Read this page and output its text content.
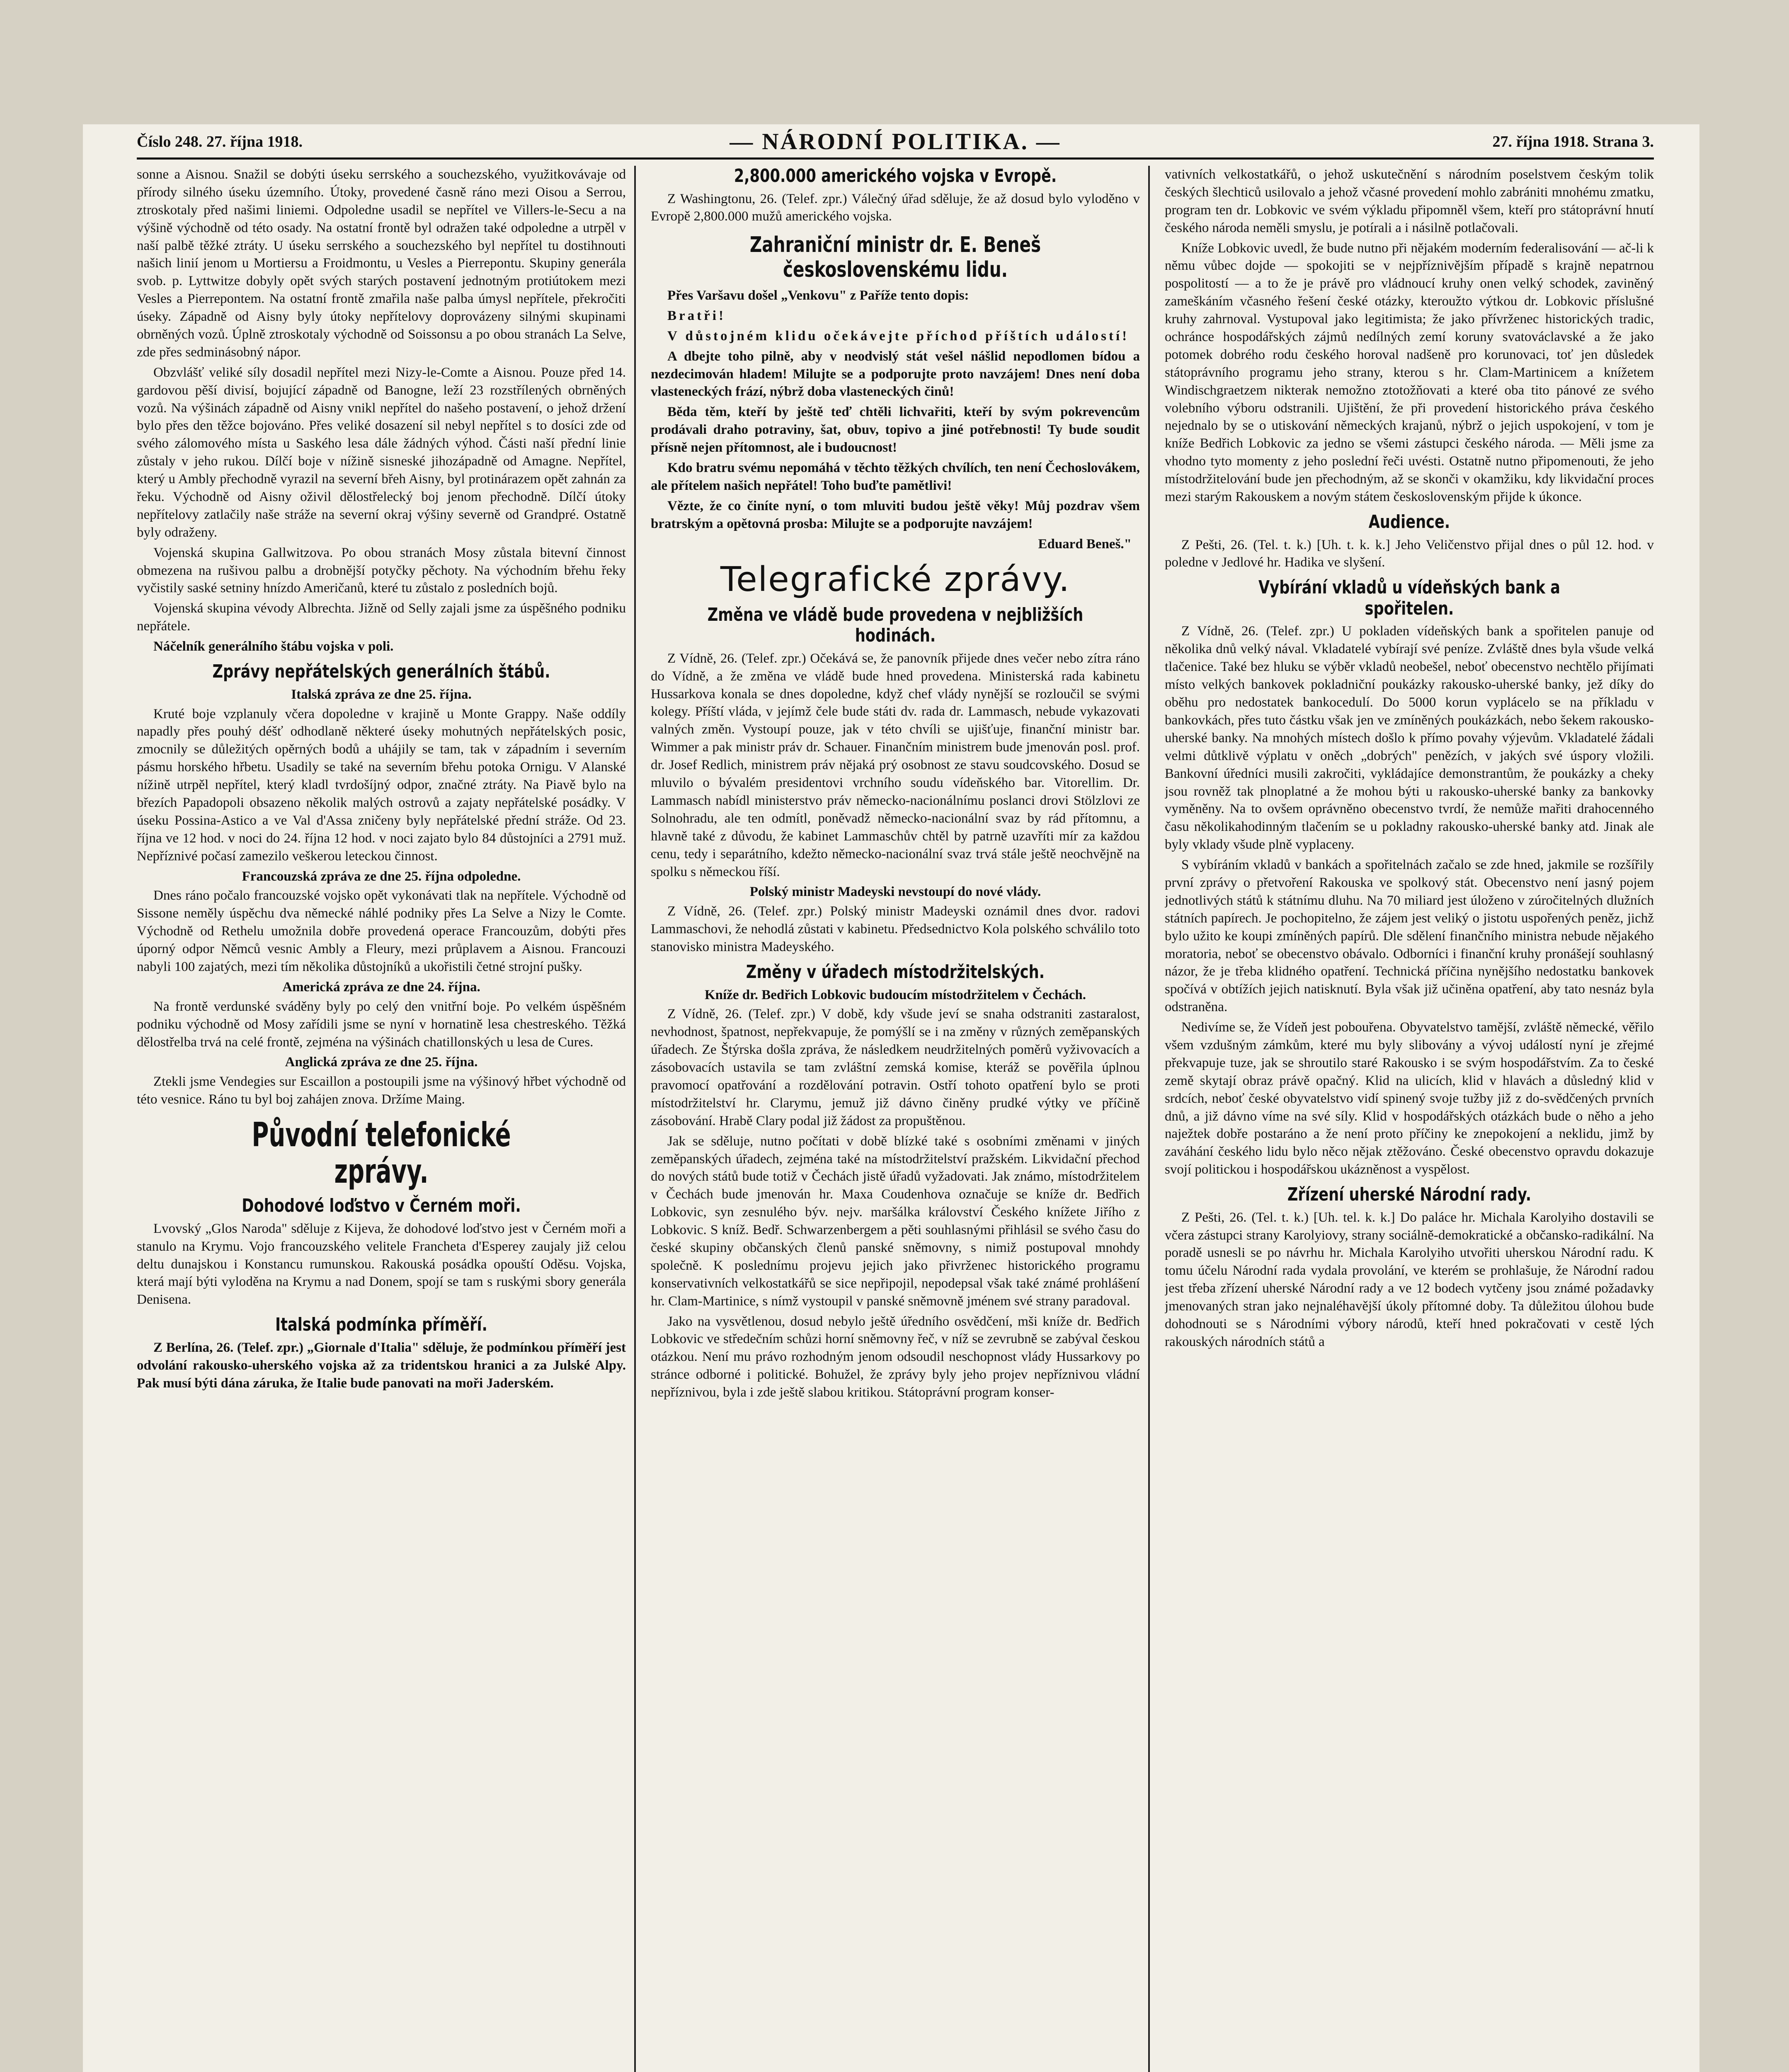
Číslo 248. 27. října 1918.	— NÁRODNÍ POLITIKA. —	27. října 1918. Strana 3.

sonne a Aisnou. Snažil se dobýti úseku serrského a souchezského, využitkovávaje od přírody silného úseku územního. Útoky, provedené časně ráno mezi Oisou a Serrou, ztroskotaly před našimi liniemi. Odpoledne usadil se nepřítel ve Villers-le-Secu a na výšině východně od této osady. Na ostatní frontě byl odražen také odpoledne a utrpěl v naší palbě těžké ztráty. U úseku serrského a souchezského byl nepřítel tu dostihnouti našich linií jenom u Mortiersu a Froidmontu, u Vesles a Pierrepontu. Skupiny generála svob. p. Lyttwitze dobyly opět svých starých postavení jednotným protiútokem mezi Vesles a Pierrepontem. Na ostatní frontě zmařila naše palba úmysl nepřítele, překročiti úseky. Západně od Aisny byly útoky nepřítelovy doprovázeny silnými skupinami obrněných vozů. Úplně ztroskotaly východně od Soissonsu a po obou stranách La Selve, zde přes sedminásobný nápor.

Obzvlášť veliké síly dosadil nepřítel mezi Nizy-le-Comte a Aisnou. Pouze před 14. gardovou pěší divisí, bojující západně od Banogne, leží 23 rozstřílených obrněných vozů. Na výšinách západně od Aisny vnikl nepřítel do našeho postavení, o jehož držení bylo přes den těžce bojováno. Přes veliké dosazení sil nebyl nepřítel s to dosíci zde od svého zálomového místa u Saského lesa dále žádných výhod. Části naší přední linie zůstaly v jeho rukou. Dílčí boje v nížině sisneské jihozápadně od Amagne. Nepřítel, který u Ambly přechodně vyrazil na severní břeh Aisny, byl protinárazem opět zahnán za řeku. Východně od Aisny oživil dělostřelecký boj jenom přechodně. Dílčí útoky nepřítelovy zatlačily naše stráže na severní okraj výšiny severně od Grandpré. Ostatně byly odraženy.

Vojenská skupina Gallwitzova. Po obou stranách Mosy zůstala bitevní činnost obmezena na rušivou palbu a drobnější potyčky pěchoty. Na východním břehu řeky vyčistily saské setniny hnízdo Američanů, které tu zůstalo z posledních bojů.

Vojenská skupina vévody Albrechta. Jižně od Selly zajali jsme za úspěšného podniku nepřátele.

Náčelník generálního štábu vojska v poli.

Zprávy nepřátelských generálních štábů.
Italská zpráva ze dne 25. října.

Kruté boje vzplanuly včera dopoledne v krajině u Monte Grappy. Naše oddíly napadly přes pouhý déšť odhodlaně některé úseky mohutných nepřátelských posic, zmocnily se důležitých opěrných bodů a uhájily se tam, tak v západním i severním pásmu horského hřbetu. Usadily se také na severním břehu potoka Ornigu. V Alanské nížině utrpěl nepřítel, který kladl tvrdošíjný odpor, značné ztráty. Na Piavě bylo na březích Papadopoli obsazeno několik malých ostrovů a zajaty nepřátelské posádky. V úseku Possina-Astico a ve Val d'Assa zničeny byly nepřátelské přední stráže. Od 23. října ve 12 hod. v noci do 24. října 12 hod. v noci zajato bylo 84 důstojníci a 2791 muž. Nepříznivé počasí zamezilo veškerou leteckou činnost.

Francouzská zpráva ze dne 25. října odpoledne.

Dnes ráno počalo francouzské vojsko opět vykonávati tlak na nepřítele. Východně od Sissone neměly úspěchu dva německé náhlé podniky přes La Selve a Nizy le Comte. Východně od Rethelu umožnila dobře provedená operace Francouzům, dobýti přes úporný odpor Němců vesnic Ambly a Fleury, mezi průplavem a Aisnou. Francouzi nabyli 100 zajatých, mezi tím několika důstojníků a ukořistili četné strojní pušky.

Americká zpráva ze dne 24. října.

Na frontě verdunské sváděny byly po celý den vnitřní boje. Po velkém úspěšném podniku východně od Mosy zařídili jsme se nyní v hornatině lesa chestreského. Těžká dělostřelba trvá na celé frontě, zejména na výšinách chatillonských u lesa de Cures.

Anglická zpráva ze dne 25. října.

Ztekli jsme Vendegies sur Escaillon a postoupili jsme na výšinový hřbet východně od této vesnice. Ráno tu byl boj zahájen znova. Držíme Maing.

Původní telefonické zprávy.
Dohodové loďstvo v Černém moři.

Lvovský „Glos Naroda" sděluje z Kijeva, že dohodové loďstvo jest v Černém moři a stanulo na Krymu. Vojo francouzského velitele Francheta d'Esperey zaujaly již celou deltu dunajskou i Konstancu rumunskou. Rakouská posádka opouští Oděsu. Vojska, která mají býti vyloděna na Krymu a nad Donem, spojí se tam s ruskými sbory generála Denisena.

Italská podmínka příměří.

Z Berlína, 26. (Telef. zpr.) „Giornale d'Italia" sděluje, že podmínkou příměří jest odvolání rakousko-uherského vojska až za tridentskou hranici a za Julské Alpy. Pak musí býti dána záruka, že Italie bude panovati na moři Jaderském.

2,800.000 amerického vojska v Evropě.

Z Washingtonu, 26. (Telef. zpr.) Válečný úřad sděluje, že až dosud bylo vyloděno v Evropě 2,800.000 mužů amerického vojska.

Zahraniční ministr dr. E. Beneš československému lidu.

Přes Varšavu došel „Venkovu" z Paříže tento dopis:

Bratři!

V důstojném klidu očekávejte příchod příštích událostí!

A dbejte toho pilně, aby v neodvislý stát vešel nášlid nepodlomen bídou a nezdecimován hladem! Milujte se a podporujte proto navzájem! Dnes není doba vlasteneckých frází, nýbrž doba vlasteneckých činů!

Běda těm, kteří by ještě teď chtěli lichvařiti, kteří by svým pokrevencům prodávali draho potraviny, šat, obuv, topivo a jiné potřebnosti! Ty bude soudit přísně nejen přítomnost, ale i budoucnost!

Kdo bratru svému nepomáhá v těchto těžkých chvílích, ten není Čechoslovákem, ale přítelem našich nepřátel! Toho buďte pamětlivi!

Vězte, že co činíte nyní, o tom mluviti budou ještě věky! Můj pozdrav všem bratrským a opětovná prosba: Milujte se a podporujte navzájem!

Eduard Beneš."
Telegrafické zprávy.
Změna ve vládě bude provedena v nejbližších hodinách.

Z Vídně, 26. (Telef. zpr.) Očekává se, že panovník přijede dnes večer nebo zítra ráno do Vídně, a že změna ve vládě bude hned provedena. Ministerská rada kabinetu Hussarkova konala se dnes dopoledne, když chef vlády nynější se rozloučil se svými kolegy. Příští vláda, v jejímž čele bude státi dv. rada dr. Lammasch, nebude vykazovati valných změn. Vystoupí pouze, jak v této chvíli se ujišťuje, finanční ministr bar. Wimmer a pak ministr práv dr. Schauer. Finančním ministrem bude jmenován posl. prof. dr. Josef Redlich, ministrem práv nějaká prý osobnost ze stavu soudcovského. Dosud se mluvilo o bývalém presidentovi vrchního soudu vídeňského bar. Vitorellim. Dr. Lammasch nabídl ministerstvo práv německo-nacionálnímu poslanci drovi Stölzlovi ze Solnohradu, ale ten odmítl, poněvadž německo-nacionální svaz by rád přítomnu, a hlavně také z důvodu, že kabinet Lammaschův chtěl by patrně uzavříti mír za každou cenu, tedy i separátního, kdežto německo-nacionální svaz trvá stále ještě neochvějně na spolku s německou říší.

Polský ministr Madeyski nevstoupí do nové vlády.

Z Vídně, 26. (Telef. zpr.) Polský ministr Madeyski oznámil dnes dvor. radovi Lammaschovi, že nehodlá zůstati v kabinetu. Předsednictvo Kola polského schválilo toto stanovisko ministra Madeyského.

Změny v úřadech místodržitelských.
Kníže dr. Bedřich Lobkovic budoucím místodržitelem v Čechách.

Z Vídně, 26. (Telef. zpr.) V době, kdy všude jeví se snaha odstraniti zastaralost, nevhodnost, špatnost, nepřekvapuje, že pomýšlí se i na změny v různých zeměpanských úřadech. Ze Štýrska došla zpráva, že následkem neudržitelných poměrů vyživovacích a zásobovacích ustavila se tam zvláštní zemská komise, kteráž se pověřila úplnou pravomocí opatřování a rozdělování potravin. Ostří tohoto opatření bylo se proti místodržitelství hr. Clarymu, jemuž již dávno činěny prudké výtky ve příčině zásobování. Hrabě Clary podal již žádost za propuštěnou.

Jak se sděluje, nutno počítati v době blízké také s osobními změnami v jiných zeměpanských úřadech, zejména také na místodržitelství pražském. Likvidační přechod do nových států bude totiž v Čechách jistě úřadů vyžadovati. Jak známo, místodržitelem v Čechách bude jmenován hr. Maxa Coudenhova označuje se kníže dr. Bedřich Lobkovic, syn zesnulého býv. nejv. maršálka království Českého knížete Jiřího z Lobkovic. S kníž. Bedř. Schwarzenbergem a pěti souhlasnými přihlásil se svého času do české skupiny občanských členů panské sněmovny, s nimiž postupoval mnohdy společně. K poslednímu projevu jejich jako přivrženec historického programu konservativních velkostatkářů se sice nepřipojil, nepodepsal však také známé prohlášení hr. Clam-Martinice, s nímž vystoupil v panské sněmovně jménem své strany paradoval.

Jako na vysvětlenou, dosud nebylo ještě úředního osvědčení, mši kníže dr. Bedřich Lobkovic ve středečním schůzi horní sněmovny řeč, v níž se zevrubně se zabýval českou otázkou. Není mu právo rozhodným jenom odsoudil neschopnost vlády Hussarkovy po stránce odborné i politické. Bohužel, že zprávy byly jeho projev nepříznivou vládní nepříznivou, byla i zde ještě slabou kritikou. Státoprávní program konser-

vativních velkostatkářů, o jehož uskutečnění s národním poselstvem českým tolik českých šlechticů usilovalo a jehož včasné provedení mohlo zabrániti mnohému zmatku, program ten dr. Lobkovic ve svém výkladu připomněl všem, kteří pro státoprávní hnutí českého národa neměli smyslu, je potírali a i násilně potlačovali.

Kníže Lobkovic uvedl, že bude nutno při nějakém moderním federalisování — ač-li k němu vůbec dojde — spokojiti se v nejpříznivějším případě s krajně nepatrnou pospolitostí — a to že je právě pro vládnoucí kruhy onen velký schodek, zaviněný zameškáním včasného řešení české otázky, kteroužto výtkou dr. Lobkovic příslušné kruhy zahrnoval. Vystupoval jako legitimista; že jako přívrženec historických tradic, ochránce hospodářských zájmů nedílných zemí koruny svatováclavské a že jako potomek dobrého rodu českého horoval nadšeně pro korunovaci, toť jen důsledek státoprávního programu jeho strany, kterou s hr. Clam-Martinicem a knížetem Windischgraetzem nikterak nemožno ztotožňovati a které oba tito pánové ze svého volebního výboru odstranili. Ujištění, že při provedení historického práva českého nejednalo by se o utiskování německých krajanů, nýbrž o jejich uspokojení, v tom je kníže Bedřich Lobkovic za jedno se všemi zástupci českého národa. — Měli jsme za vhodno tyto momenty z jeho poslední řeči uvésti. Ostatně nutno připomenouti, že jeho místodržitelování bude jen přechodným, až se skonči v okamžiku, kdy likvidační proces mezi starým Rakouskem a novým státem československým přijde k úkonce.

Audience.

Z Pešti, 26. (Tel. t. k.) [Uh. t. k. k.] Jeho Veličenstvo přijal dnes o půl 12. hod. v poledne v Jedlové hr. Hadika ve slyšení.

Vybírání vkladů u vídeňských bank a spořitelen.

Z Vídně, 26. (Telef. zpr.) U pokladen vídeňských bank a spořitelen panuje od několika dnů velký nával. Vkladatelé vybírají své peníze. Zvláště dnes byla všude velká tlačenice. Také bez hluku se výběr vkladů neobešel, neboť obecenstvo nechtělo přijímati místo velkých bankovek pokladniční poukázky rakousko-uherské banky, jež díky do oběhu pro nedostatek bankocedulí. Do 5000 korun vyplácelo se na příkladu v bankovkách, přes tuto částku však jen ve zmíněných poukázkách, nebo šekem rakousko-uherské banky. Na mnohých místech došlo k přímo povahy výjevům. Vkladatelé žádali velmi důtklivě výplatu v oněch „dobrých" penězích, v jakých své úspory vložili. Bankovní úředníci musili zakročiti, vykládajíce demonstrantům, že poukázky a cheky jsou rovněž tak plnoplatné a že mohou býti u rakousko-uherské banky za bankovky vyměněny. Na to ovšem oprávněno obecenstvo tvrdí, že nemůže mařiti drahocenného času několikahodinným tlačením se u pokladny rakousko-uherské banky atd. Jinak ale byly vklady všude plně vyplaceny.

S vybíráním vkladů v bankách a spořitelnách začalo se zde hned, jakmile se rozšířily první zprávy o přetvoření Rakouska ve spolkový stát. Obecenstvo není jasný pojem jednotlivých států k státnímu dluhu. Na 70 miliard jest úloženo v zúročitelných dlužních státních papírech. Je pochopitelno, že zájem jest veliký o jistotu uspořených peněz, jichž bylo užito ke koupi zmíněných papírů. Dle sdělení finančního ministra nebude nějakého moratoria, neboť se obecenstvo obávalo. Odborníci i finanční kruhy pronášejí souhlasný názor, že je třeba klidného opatření. Technická příčina nynějšího nedostatku bankovek spočívá v obtížích jejich natisknutí. Byla však již učiněna opatření, aby tato nesnáz byla odstraněna.

Nedivíme se, že Vídeň jest pobouřena. Obyvatelstvo tamější, zvláště německé, věřilo všem vzdušným zámkům, které mu byly slibovány a vývoj událostí nyní je zřejmé překvapuje tuze, jak se shroutilo staré Rakousko i se svým hospodářstvím. Za to české země skytají obraz právě opačný. Klid na ulicích, klid v hlavách a důsledný klid v srdcích, neboť české obyvatelstvo vidí spinený svoje tužby již z do-svědčených prvních dnů, a již dávno víme na své síly. Klid v hospodářských otázkách bude o něho a jeho naježtek dobře postaráno a že není proto příčiny ke znepokojení a neklidu, jimž by zaváhání českého lidu bylo něco nějak ztěžováno. České obecenstvo opravdu dokazuje svojí politickou i hospodářskou ukázněnost a vyspělost.

Zřízení uherské Národní rady.

Z Pešti, 26. (Tel. t. k.) [Uh. tel. k. k.] Do paláce hr. Michala Karolyiho dostavili se včera zástupci strany Karolyiovy, strany sociálně-demokratické a občansko-radikální. Na poradě usnesli se po návrhu hr. Michala Karolyiho utvořiti uherskou Národní radu. K tomu účelu Národní rada vydala provolání, ve kterém se prohlašuje, že Národní radou jest třeba zřízení uherské Národní rady a ve 12 bodech vytčeny jsou známé požadavky jmenovaných stran jako nejnaléhavější úkoly přítomné doby. Ta důležitou úlohou bude dohodnouti se s Národními výbory národů, kteří hned pokračovati v cestě lých rakouských národních států a
